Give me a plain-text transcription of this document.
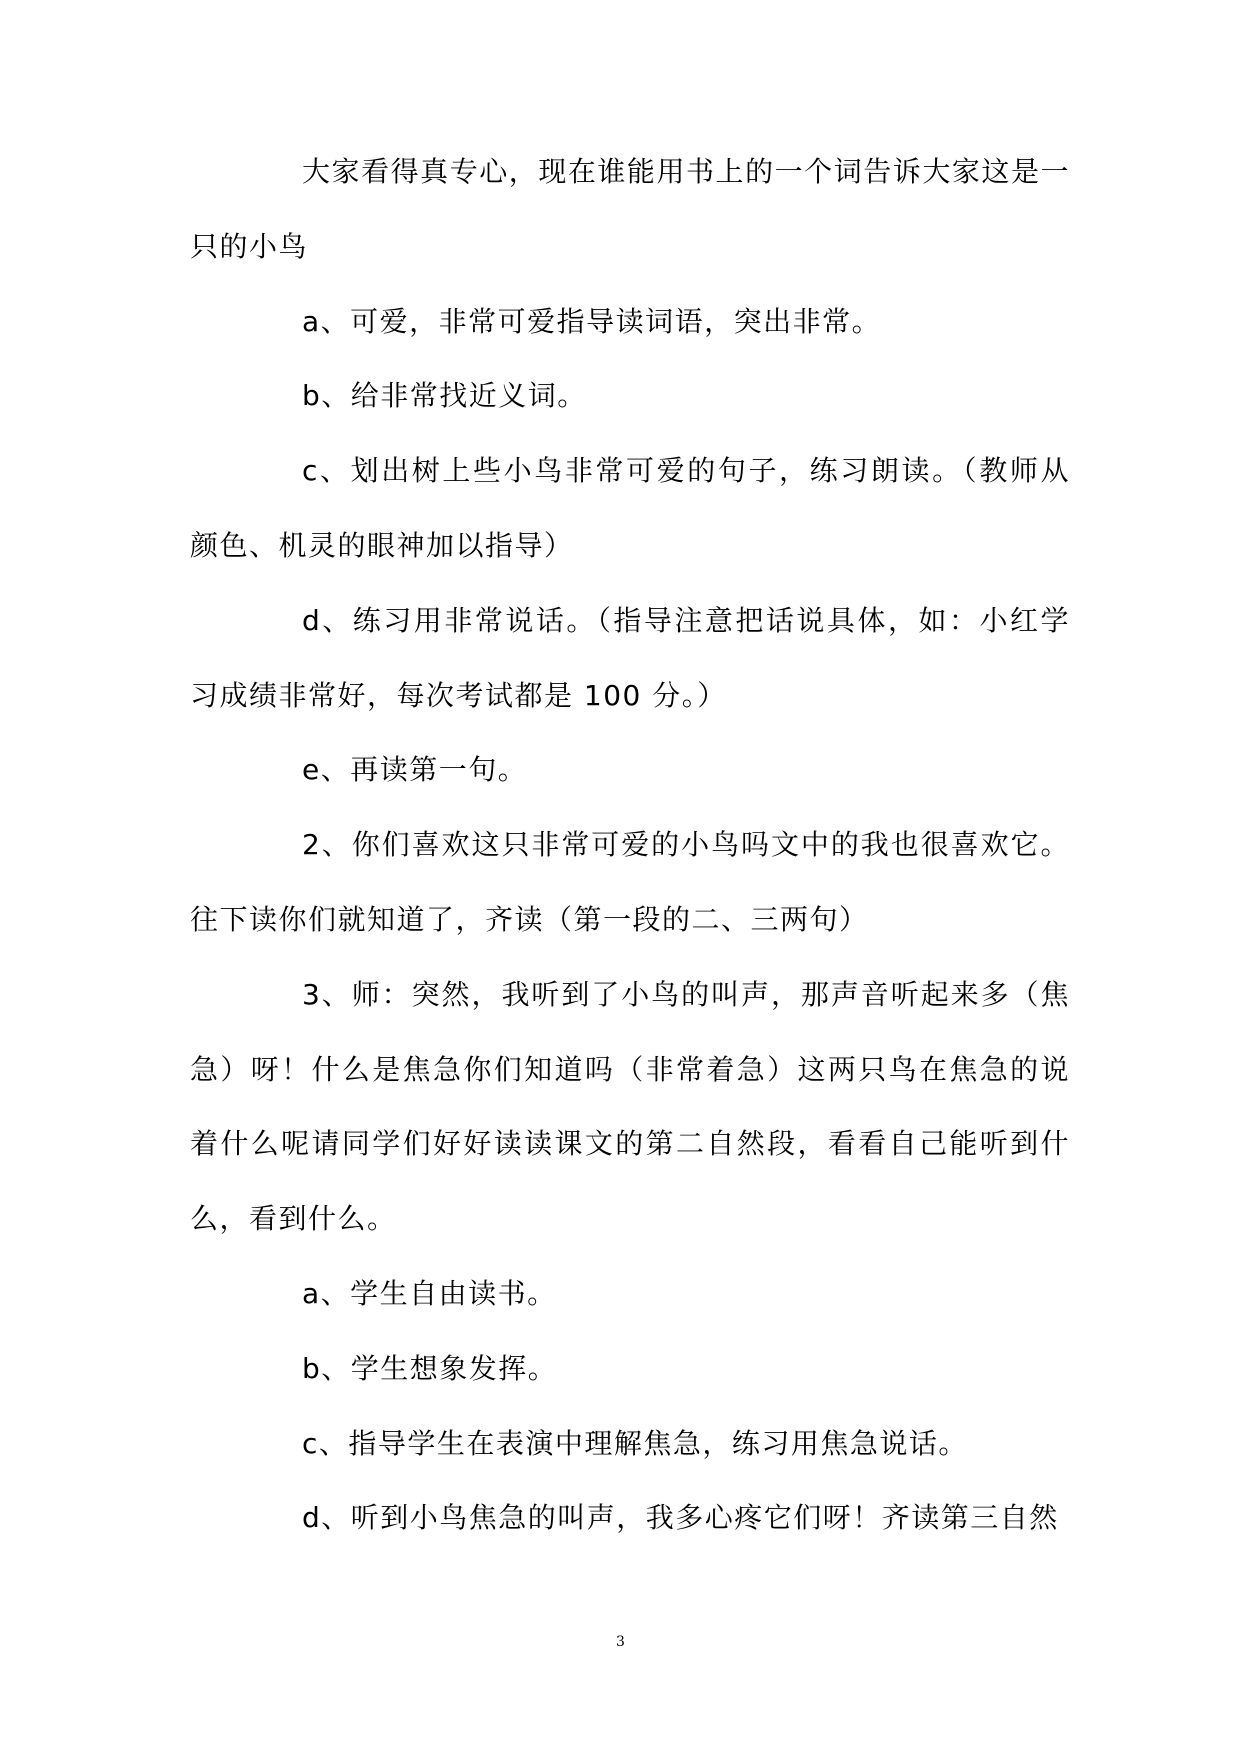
大家看得真专心，现在谁能用书上的一个词告诉大家这是一只的小鸟

a、可爱，非常可爱指导读词语，突出非常。

b、给非常找近义词。

c、划出树上些小鸟非常可爱的句子，练习朗读。（教师从颜色、机灵的眼神加以指导）

d、练习用非常说话。（指导注意把话说具体，如：小红学习成绩非常好，每次考试都是 100 分。）

e、再读第一句。

2、你们喜欢这只非常可爱的小鸟吗文中的我也很喜欢它。往下读你们就知道了，齐读（第一段的二、三两句）

3、师：突然，我听到了小鸟的叫声，那声音听起来多（焦急）呀！什么是焦急你们知道吗（非常着急）这两只鸟在焦急的说着什么呢请同学们好好读读课文的第二自然段，看看自己能听到什么，看到什么。

a、学生自由读书。

b、学生想象发挥。

c、指导学生在表演中理解焦急，练习用焦急说话。

d、听到小鸟焦急的叫声，我多心疼它们呀！齐读第三自然

3
